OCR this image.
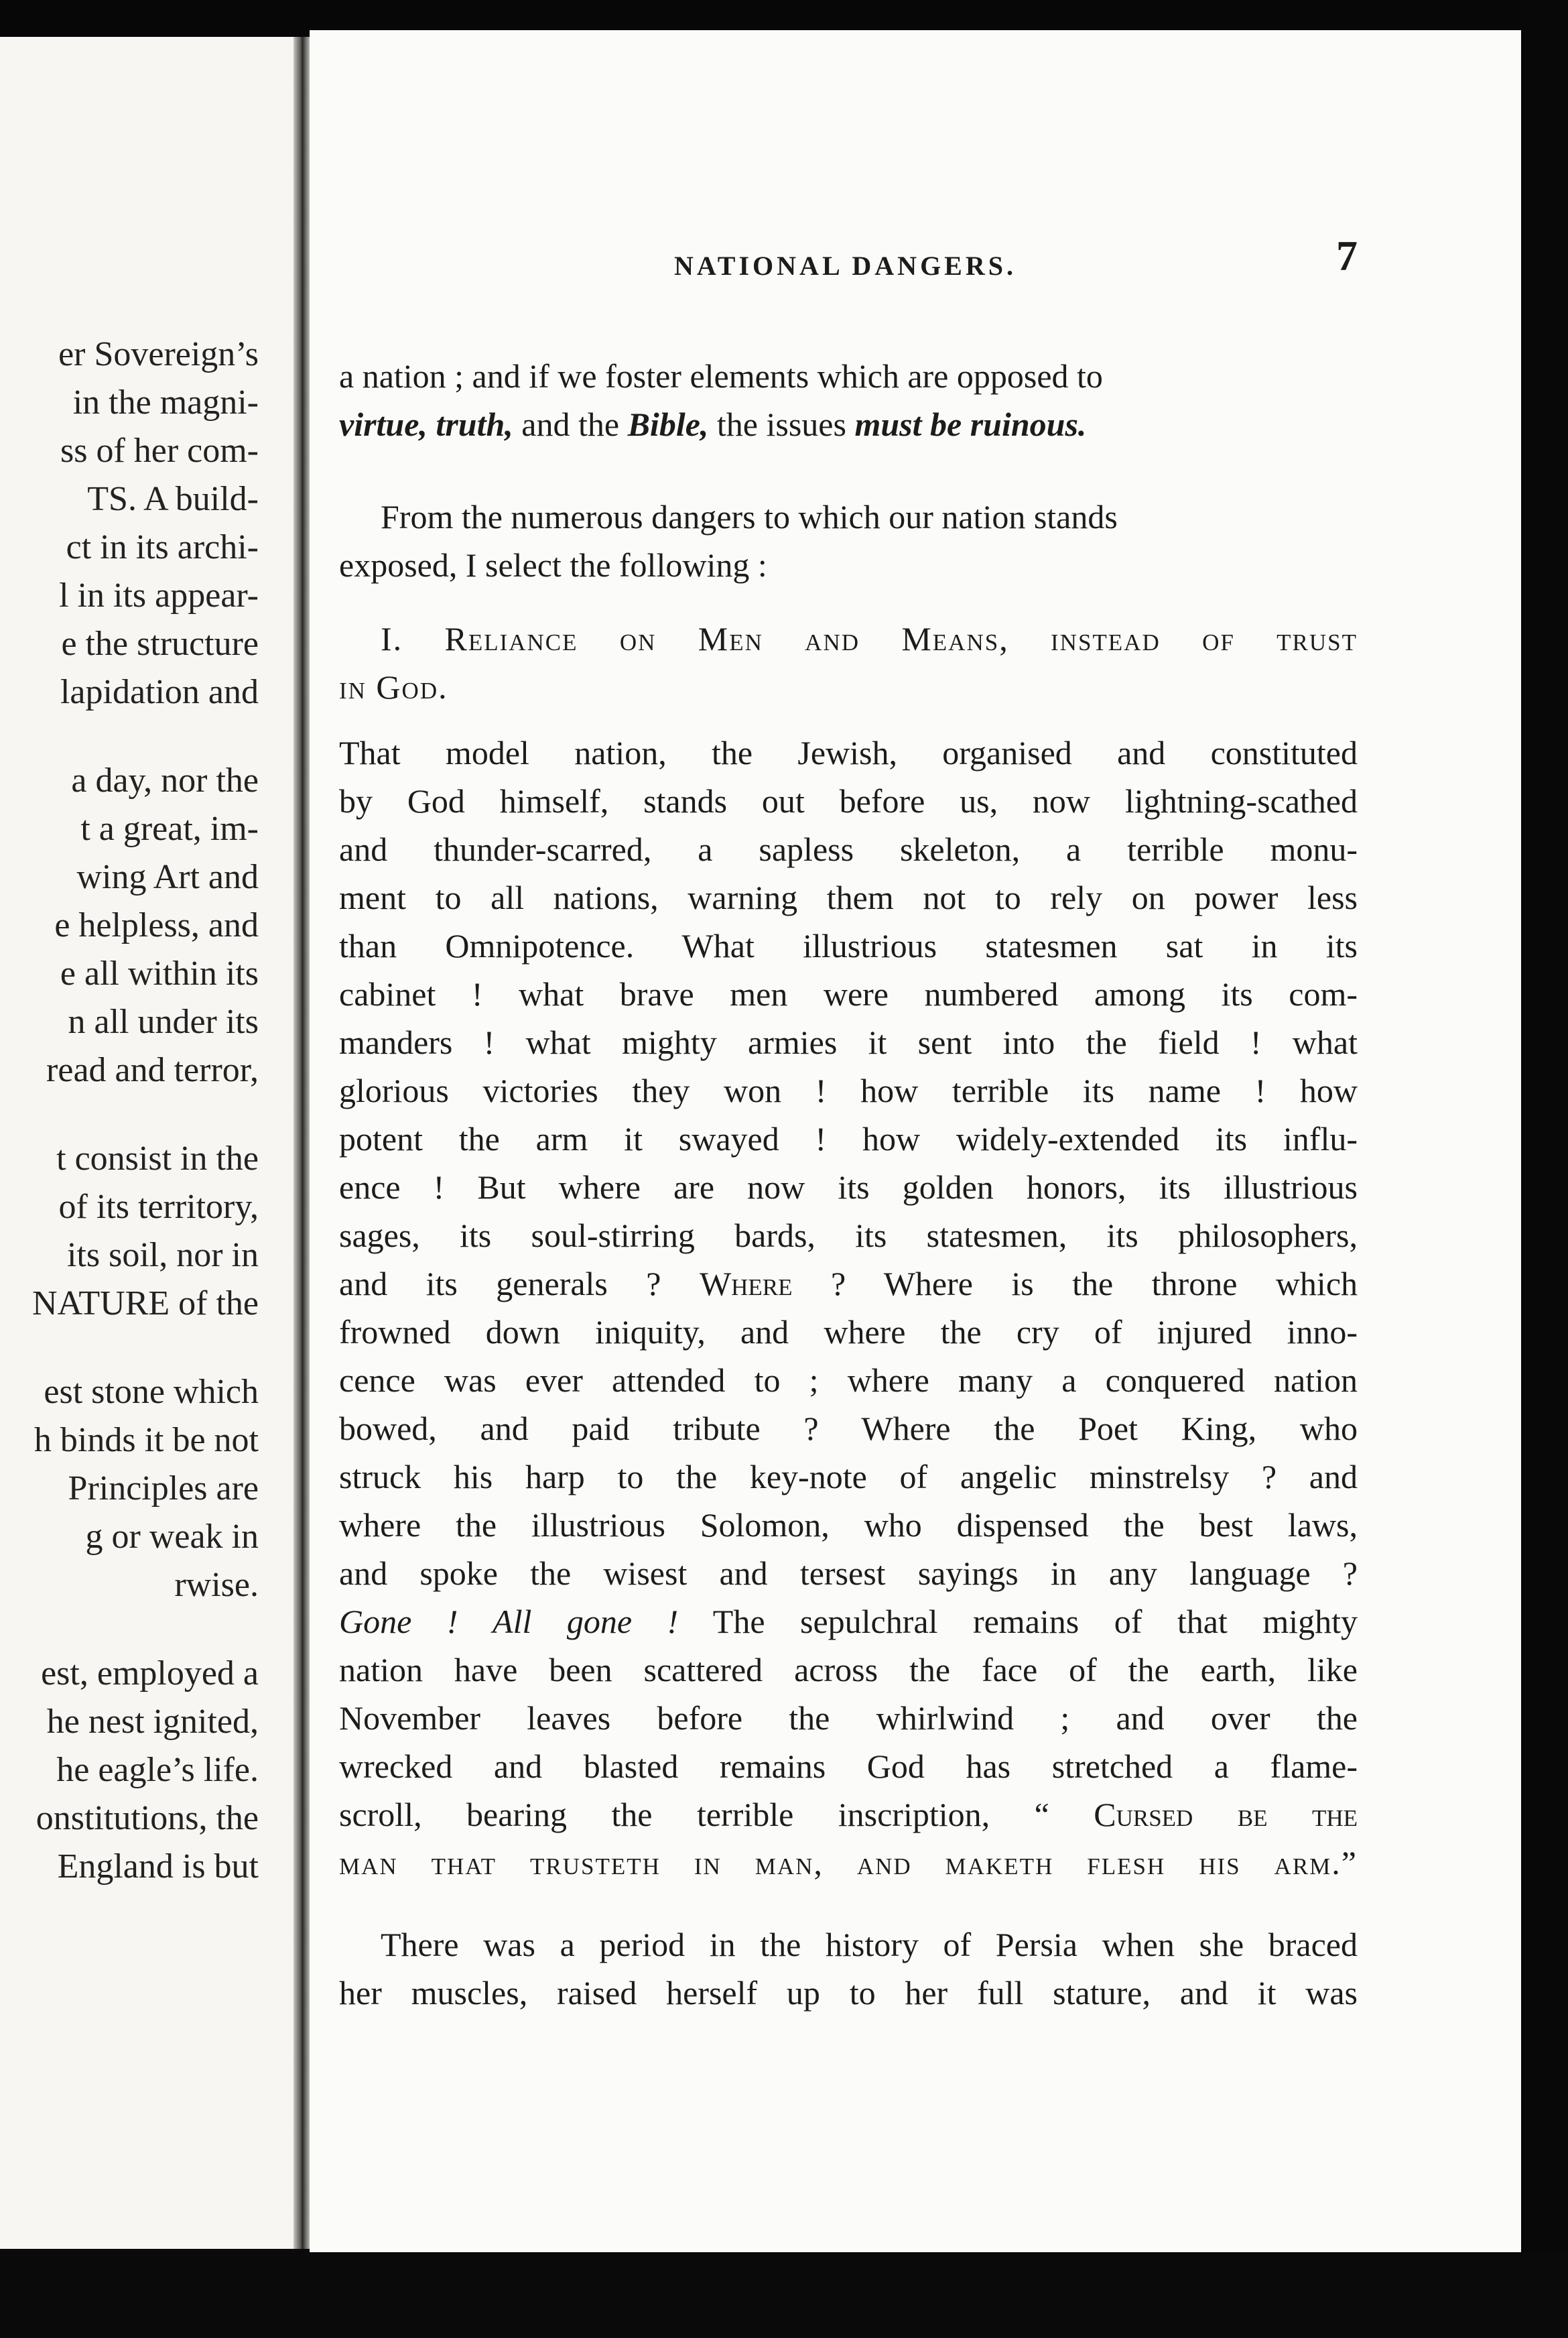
er Sovereign’s
in the magni-
ss of her com-
TS. A build-
ct in its archi-
l in its appear-
e the structure
lapidation and
a day, nor the
t a great, im-
wing Art and
e helpless, and
e all within its
n all under its
read and terror,
t consist in the
of its territory,
its soil, nor in
NATURE of the
est stone which
h binds it be not
Principles are
g or weak in
rwise.
est, employed a
he nest ignited,
he eagle’s life.
onstitutions, the
England is but
NATIONAL DANGERS.	7

a nation ; and if we foster elements which are opposed to
virtue, truth, and the Bible, the issues must be ruinous.

From the numerous dangers to which our nation stands

exposed, I select the following :

I. Reliance on Men and Means, instead of trust

in God.

That model nation, the Jewish, organised and constituted

by God himself, stands out before us, now lightning-scathed

and thunder-scarred, a sapless skeleton, a terrible monu-

ment to all nations, warning them not to rely on power less

than Omnipotence. What illustrious statesmen sat in its

cabinet ! what brave men were numbered among its com-

manders ! what mighty armies it sent into the field ! what

glorious victories they won ! how terrible its name ! how

potent the arm it swayed ! how widely-extended its influ-

ence ! But where are now its golden honors, its illustrious

sages, its soul-stirring bards, its statesmen, its philosophers,

and its generals ? Where ? Where is the throne which

frowned down iniquity, and where the cry of injured inno-

cence was ever attended to ; where many a conquered nation

bowed, and paid tribute ? Where the Poet King, who

struck his harp to the key-note of angelic minstrelsy ? and

where the illustrious Solomon, who dispensed the best laws,

and spoke the wisest and tersest sayings in any language ?

Gone ! All gone ! The sepulchral remains of that mighty

nation have been scattered across the face of the earth, like

November leaves before the whirlwind ; and over the

wrecked and blasted remains God has stretched a flame-

scroll, bearing the terrible inscription, “ Cursed be the

man that trusteth in man, and maketh flesh his arm.”

There was a period in the history of Persia when she braced

her muscles, raised herself up to her full stature, and it was
